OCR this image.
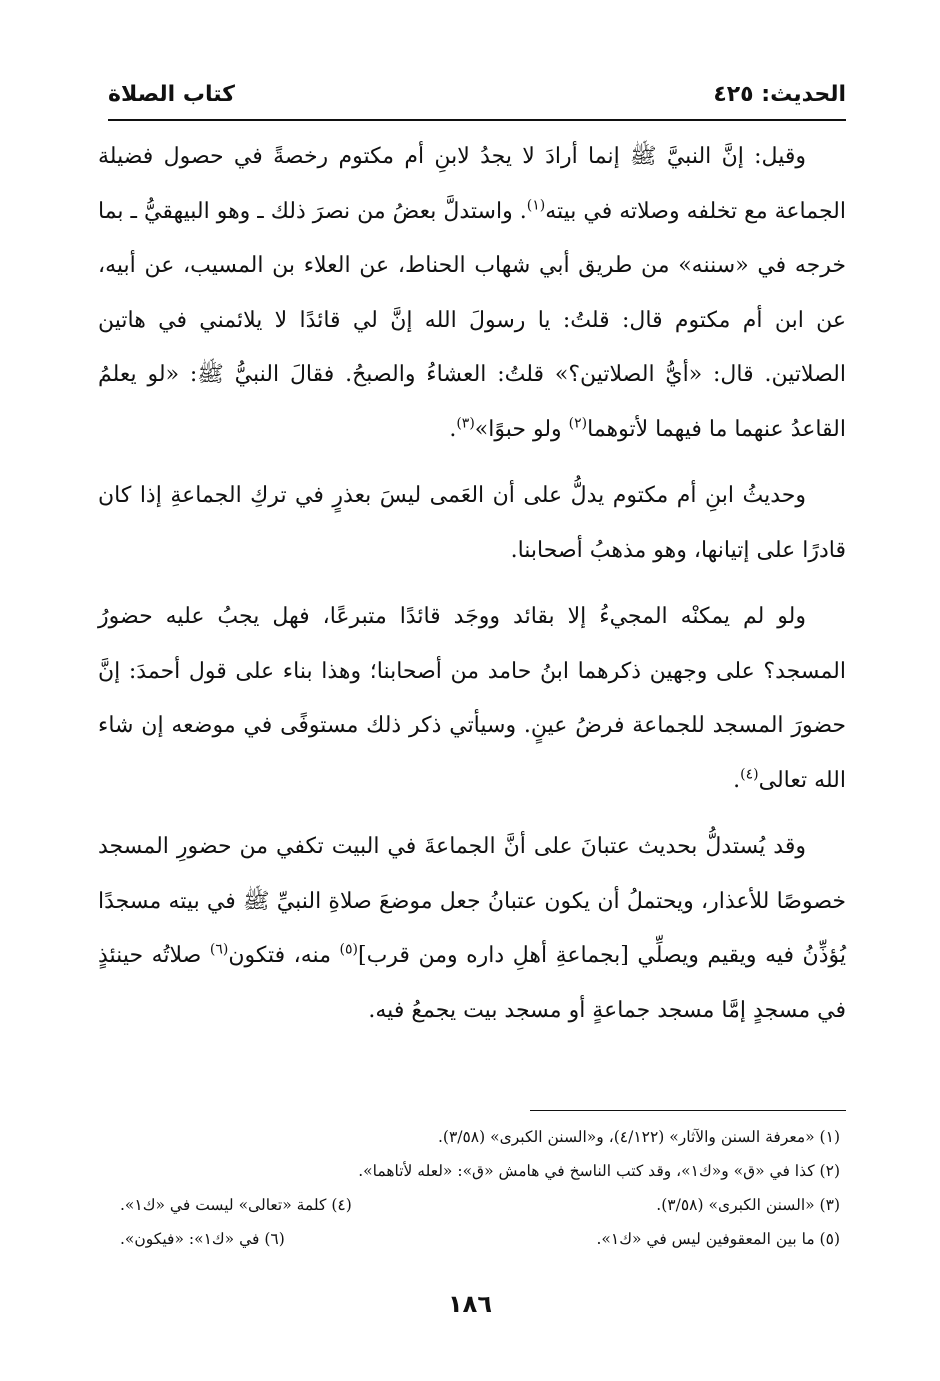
كتاب الصلاة	الحديث: ٤٢٥

وقيل: إنَّ النبيَّ ﷺ إنما أرادَ لا يجدُ لابنِ أم مكتوم رخصةً في حصول فضيلة الجماعة مع تخلفه وصلاته في بيته$^{(١)}$. واستدلَّ بعضُ من نصرَ ذلك ـ وهو البيهقيُّ ـ بما خرجه في «سننه» من طريق أبي شهاب الحناط، عن العلاء بن المسيب، عن أبيه، عن ابن أم مكتوم قال: قلتُ: يا رسولَ الله إنَّ لي قائدًا لا يلائمني في هاتين الصلاتين. قال: «أيُّ الصلاتين؟» قلتُ: العشاءُ والصبحُ. فقالَ النبيُّ ﷺ: «لو يعلمُ القاعدُ عنهما ما فيهما لأتوهما$^{(٢)}$ ولو حبوًا»$^{(٣)}$.

وحديثُ ابنِ أم مكتوم يدلُّ على أن العَمى ليسَ بعذرٍ في تركِ الجماعةِ إذا كان قادرًا على إتيانها، وهو مذهبُ أصحابنا.

ولو لم يمكنْه المجيءُ إلا بقائد ووجَد قائدًا متبرعًا، فهل يجبُ عليه حضورُ المسجد؟ على وجهين ذكرهما ابنُ حامد من أصحابنا؛ وهذا بناء على قول أحمدَ: إنَّ حضورَ المسجد للجماعة فرضُ عينٍ. وسيأتي ذكر ذلك مستوفًى في موضعه إن شاء الله تعالى$^{(٤)}$.

وقد يُستدلُّ بحديث عتبانَ على أنَّ الجماعةَ في البيت تكفي من حضورِ المسجد خصوصًا للأعذار، ويحتملُ أن يكون عتبانُ جعل موضعَ صلاةِ النبيِّ ﷺ في بيته مسجدًا يُؤذِّنُ فيه ويقيم ويصلِّي [بجماعةِ أهلِ داره ومن قرب]$^{(٥)}$ منه، فتكون$^{(٦)}$ صلاتُه حينئذٍ في مسجدٍ إمَّا مسجد جماعةٍ أو مسجد بيت يجمعُ فيه.

(١) «معرفة السنن والآثار» (٤/١٢٢)، و«السنن الكبرى» (٣/٥٨).
(٢) كذا في «ق» و«ك١»، وقد كتب الناسخ في هامش «ق»: «لعله لأتاهما».
(٣) «السنن الكبرى» (٣/٥٨).
(٤) كلمة «تعالى» ليست في «ك١».
(٥) ما بين المعقوفين ليس في «ك١».
(٦) في «ك١»: «فيكون».
١٨٦
